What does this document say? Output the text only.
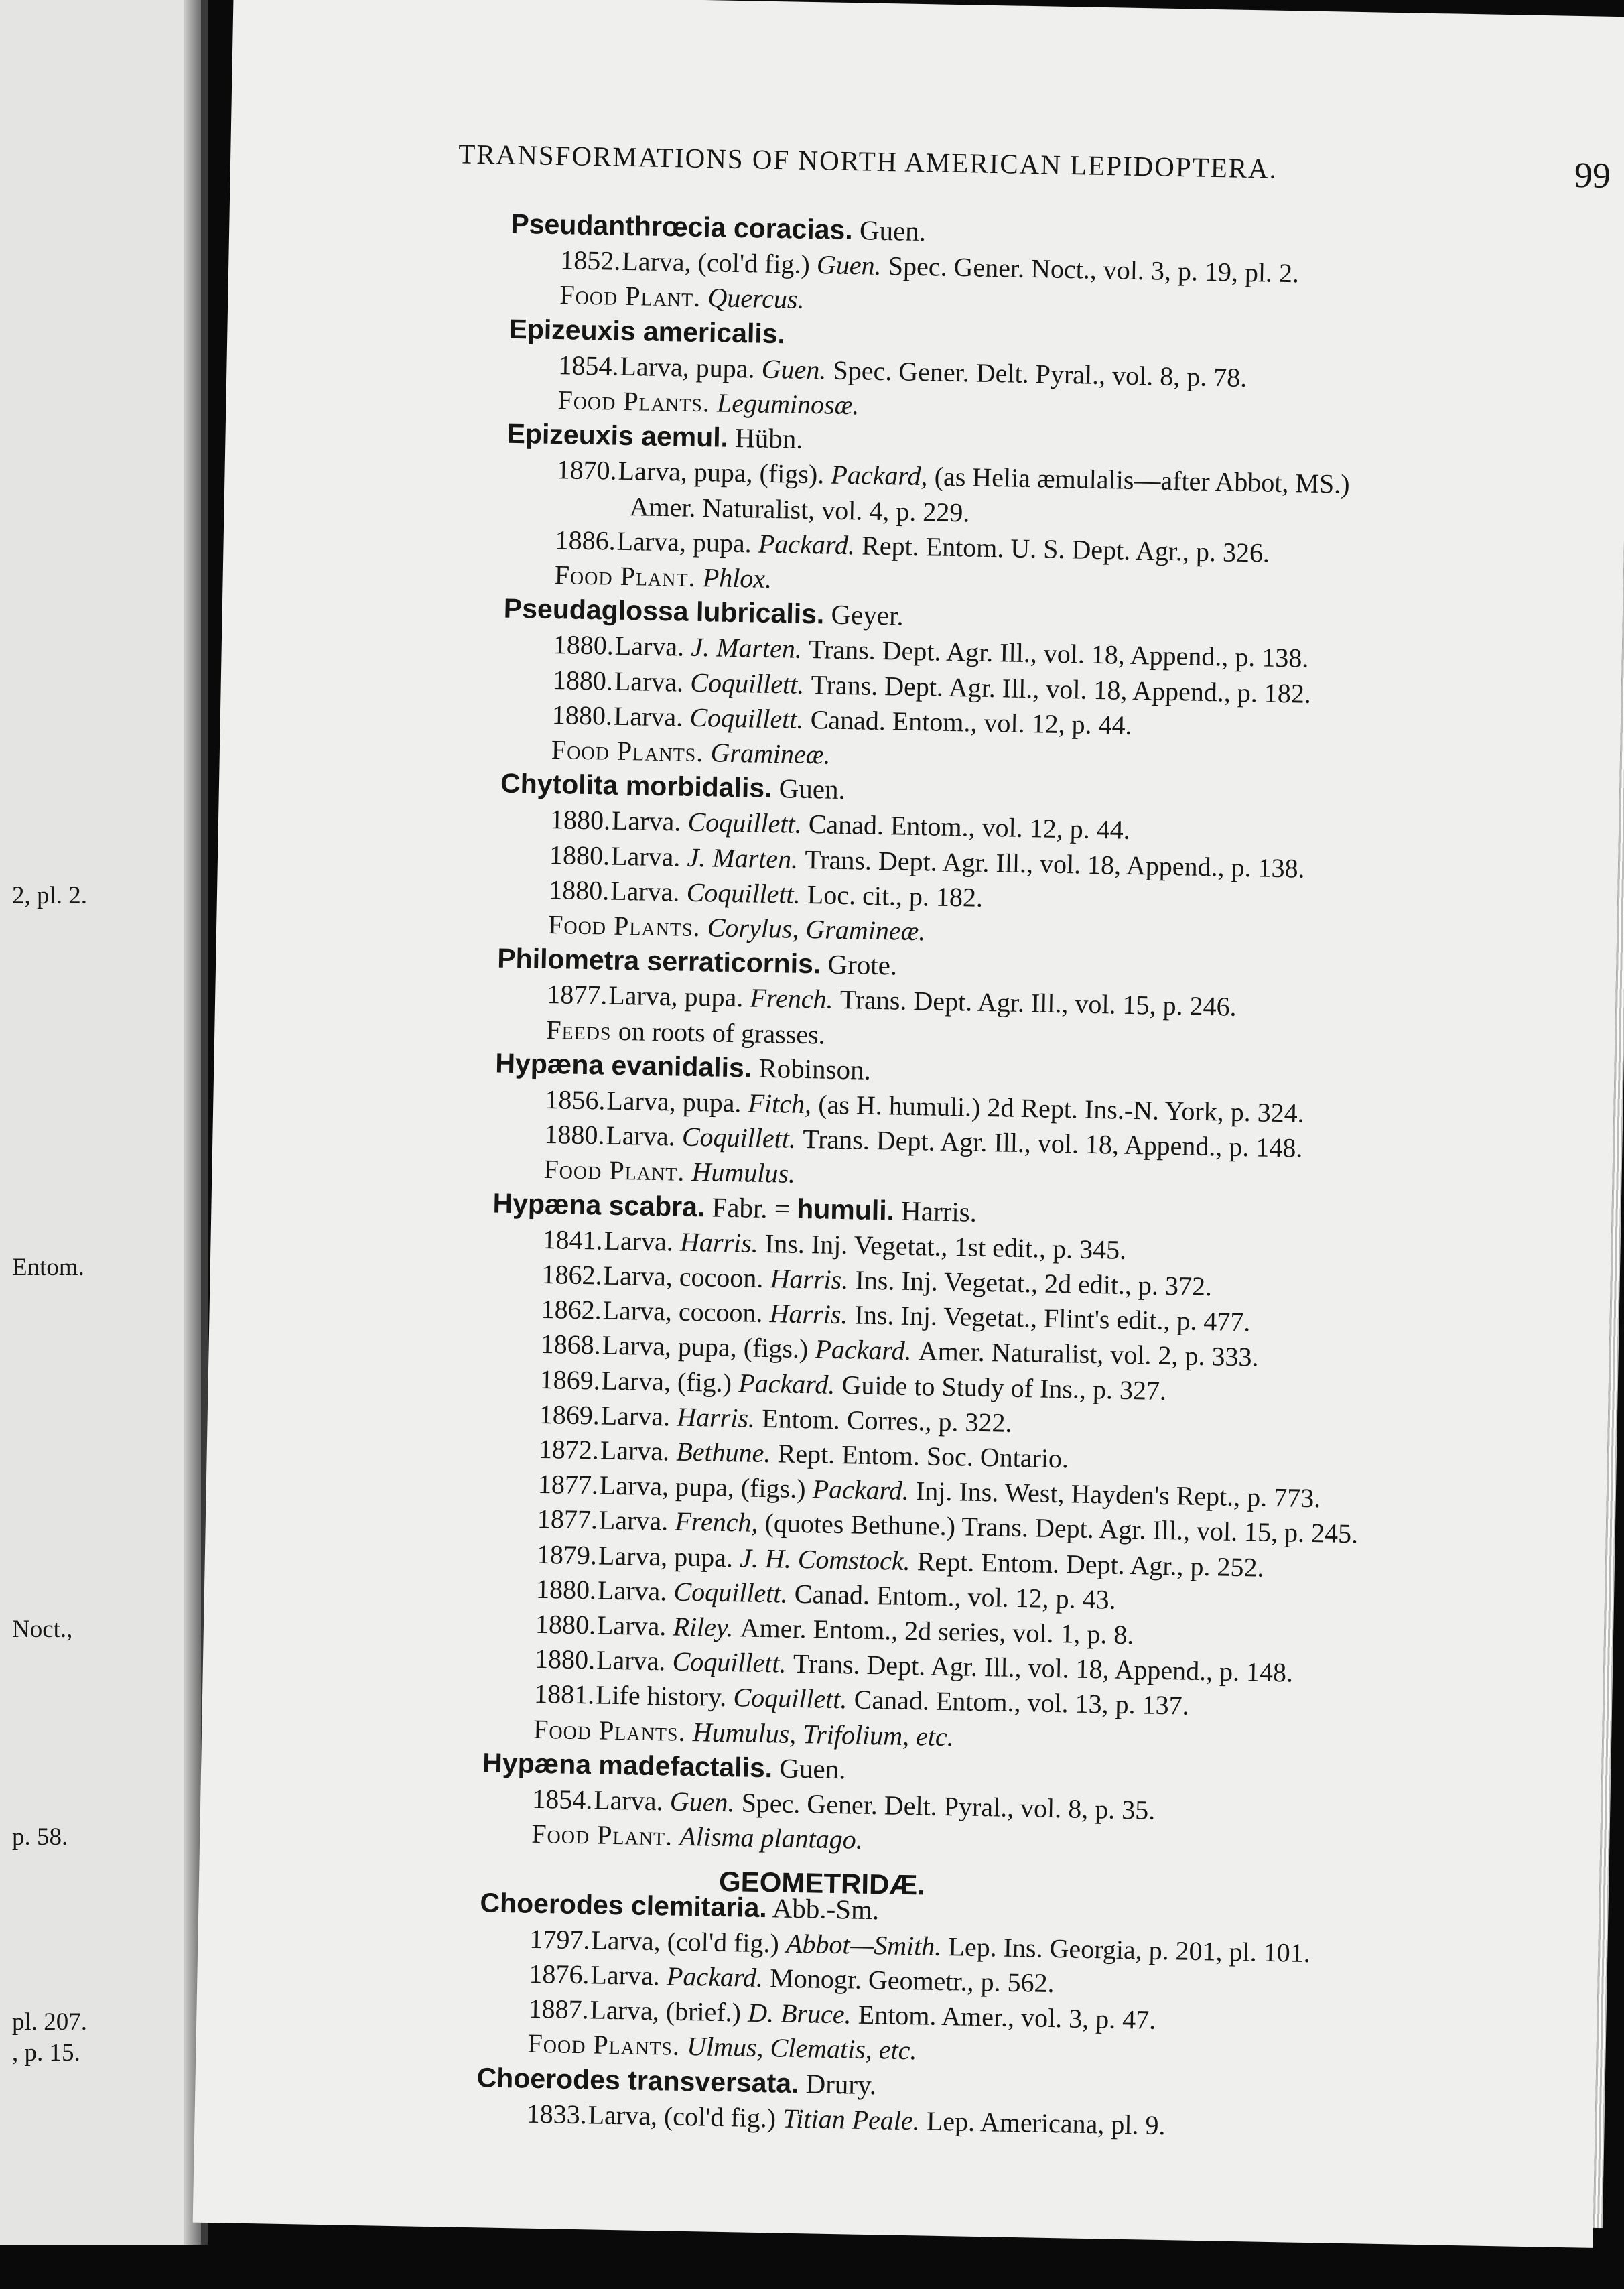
2, pl. 2.
Entom.
Noct.,
p. 58.
pl. 207.
, p. 15.
TRANSFORMATIONS OF NORTH AMERICAN LEPIDOPTERA.	99
Pseudanthrœcia coracias. Guen.
1852.Larva, (col'd fig.) Guen. Spec. Gener. Noct., vol. 3, p. 19, pl. 2.
Food Plant. Quercus.
Epizeuxis americalis.
1854.Larva, pupa. Guen. Spec. Gener. Delt. Pyral., vol. 8, p. 78.
Food Plants. Leguminosæ.
Epizeuxis aemul. Hübn.
1870.Larva, pupa, (figs). Packard, (as Helia æmulalis—after Abbot, MS.)
Amer. Naturalist, vol. 4, p. 229.
1886.Larva, pupa. Packard. Rept. Entom. U. S. Dept. Agr., p. 326.
Food Plant. Phlox.
Pseudaglossa lubricalis. Geyer.
1880.Larva. J. Marten. Trans. Dept. Agr. Ill., vol. 18, Append., p. 138.
1880.Larva. Coquillett. Trans. Dept. Agr. Ill., vol. 18, Append., p. 182.
1880.Larva. Coquillett. Canad. Entom., vol. 12, p. 44.
Food Plants. Gramineæ.
Chytolita morbidalis. Guen.
1880.Larva. Coquillett. Canad. Entom., vol. 12, p. 44.
1880.Larva. J. Marten. Trans. Dept. Agr. Ill., vol. 18, Append., p. 138.
1880.Larva. Coquillett. Loc. cit., p. 182.
Food Plants. Corylus, Gramineæ.
Philometra serraticornis. Grote.
1877.Larva, pupa. French. Trans. Dept. Agr. Ill., vol. 15, p. 246.
Feeds on roots of grasses.
Hypæna evanidalis. Robinson.
1856.Larva, pupa. Fitch, (as H. humuli.) 2d Rept. Ins.-N. York, p. 324.
1880.Larva. Coquillett. Trans. Dept. Agr. Ill., vol. 18, Append., p. 148.
Food Plant. Humulus.
Hypæna scabra. Fabr. = humuli. Harris.
1841.Larva. Harris. Ins. Inj. Vegetat., 1st edit., p. 345.
1862.Larva, cocoon. Harris. Ins. Inj. Vegetat., 2d edit., p. 372.
1862.Larva, cocoon. Harris. Ins. Inj. Vegetat., Flint's edit., p. 477.
1868.Larva, pupa, (figs.) Packard. Amer. Naturalist, vol. 2, p. 333.
1869.Larva, (fig.) Packard. Guide to Study of Ins., p. 327.
1869.Larva. Harris. Entom. Corres., p. 322.
1872.Larva. Bethune. Rept. Entom. Soc. Ontario.
1877.Larva, pupa, (figs.) Packard. Inj. Ins. West, Hayden's Rept., p. 773.
1877.Larva. French, (quotes Bethune.) Trans. Dept. Agr. Ill., vol. 15, p. 245.
1879.Larva, pupa. J. H. Comstock. Rept. Entom. Dept. Agr., p. 252.
1880.Larva. Coquillett. Canad. Entom., vol. 12, p. 43.
1880.Larva. Riley. Amer. Entom., 2d series, vol. 1, p. 8.
1880.Larva. Coquillett. Trans. Dept. Agr. Ill., vol. 18, Append., p. 148.
1881.Life history. Coquillett. Canad. Entom., vol. 13, p. 137.
Food Plants. Humulus, Trifolium, etc.
Hypæna madefactalis. Guen.
1854.Larva. Guen. Spec. Gener. Delt. Pyral., vol. 8, p. 35.
Food Plant. Alisma plantago.
GEOMETRIDÆ.
Choerodes clemitaria. Abb.-Sm.
1797.Larva, (col'd fig.) Abbot—Smith. Lep. Ins. Georgia, p. 201, pl. 101.
1876.Larva. Packard. Monogr. Geometr., p. 562.
1887.Larva, (brief.) D. Bruce. Entom. Amer., vol. 3, p. 47.
Food Plants. Ulmus, Clematis, etc.
Choerodes transversata. Drury.
1833.Larva, (col'd fig.) Titian Peale. Lep. Americana, pl. 9.
